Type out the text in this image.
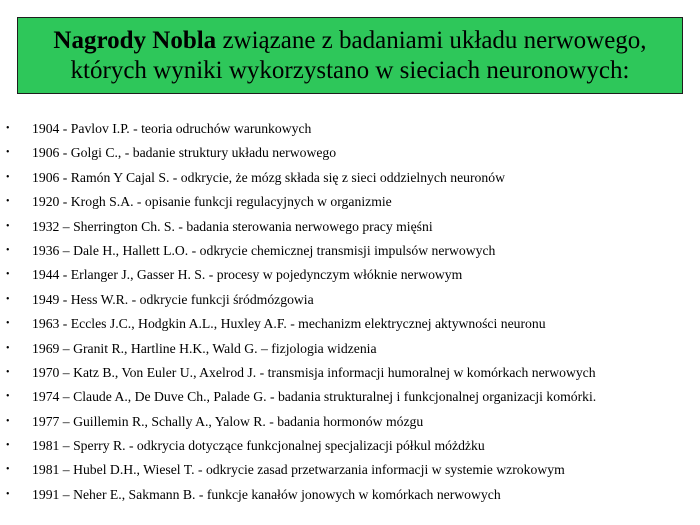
Nagrody Nobla związane z badaniami układu nerwowego,
których wyniki wykorzystano w sieciach neuronowych:
• 1904 - Pavlov I.P. - teoria odruchów warunkowych
• 1906 - Golgi C., - badanie struktury układu nerwowego
• 1906 - Ramón Y Cajal S. - odkrycie, że mózg składa się z sieci oddzielnych neuronów
• 1920 - Krogh S.A. - opisanie funkcji regulacyjnych w organizmie
• 1932 – Sherrington Ch. S. - badania sterowania nerwowego pracy mięśni
• 1936 – Dale H., Hallett L.O. - odkrycie chemicznej transmisji impulsów nerwowych
• 1944 - Erlanger J., Gasser H. S. - procesy w pojedynczym włóknie nerwowym
• 1949 - Hess W.R. - odkrycie funkcji śródmózgowia
• 1963 - Eccles J.C., Hodgkin A.L., Huxley A.F. - mechanizm elektrycznej aktywności neuronu
• 1969 – Granit R., Hartline H.K., Wald G. – fizjologia widzenia
• 1970 – Katz B., Von Euler U., Axelrod J. - transmisja informacji humoralnej w komórkach nerwowych
• 1974 – Claude A., De Duve Ch., Palade G. - badania strukturalnej i funkcjonalnej organizacji komórki.
• 1977 – Guillemin R., Schally A., Yalow R. - badania hormonów mózgu
• 1981 – Sperry R. - odkrycia dotyczące funkcjonalnej specjalizacji półkul móżdżku
• 1981 – Hubel D.H., Wiesel T. - odkrycie zasad przetwarzania informacji w systemie wzrokowym
• 1991 – Neher E., Sakmann B. - funkcje kanałów jonowych w komórkach nerwowych
